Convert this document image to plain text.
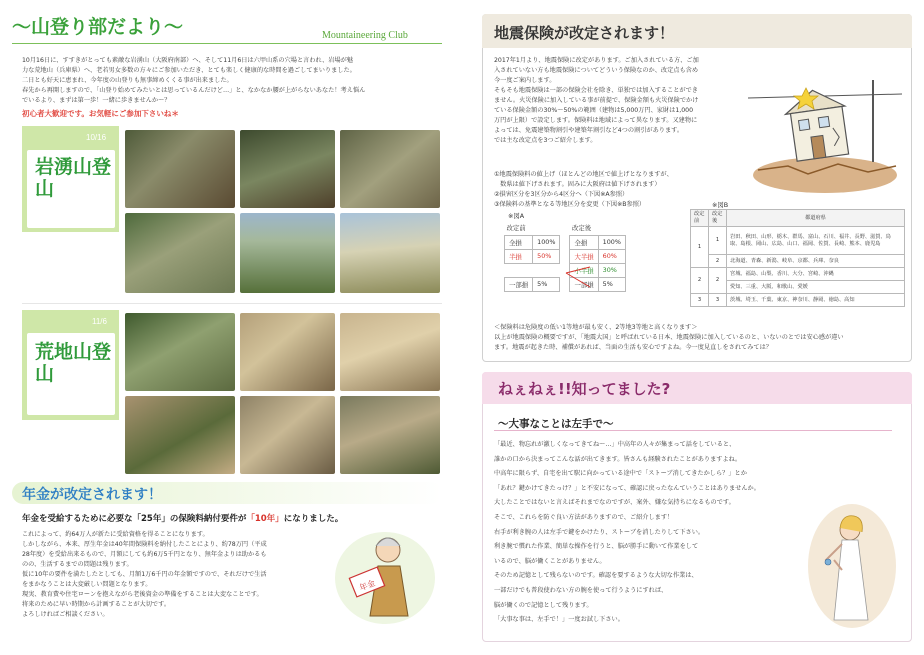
〜山登り部だより〜	Mountaineering Club
10月16日に、すすきがとっても素敵な岩湧山（大阪府南部）へ、そして11月6日は六甲山系の穴場と言われ、岩場が魅
力な荒地山（兵庫県）へ、老若男女多数の方々にご参加いただき、とても楽しく健康的な時間を過ごしてまいりました。
二日とも好天に恵まれ、今年度の山登りも無事締めくくる事が出来ました。
春先から再開しますので、「山登り始めてみたいとは思っているんだけど…」と、なかなか腰が上がらないあなた！考え悩ん
でいるより、まずは第一歩！一緒に歩きませんか〜？
初心者大歓迎です。お気軽にご参加下さいね＊
10/16
岩湧山登山
11/6
荒地山登山
年金が改定されます！
年金を受給するために必要な「25年」の保険料納付要件が「10年」になりました。
これによって、約64万人が新たに受給資格を得ることになります。
しかしながら、本来、厚生年金は40年間保険料を納付したことにより、約78万円（平成
28年度）を受給出来るもので、月額にしても約6万5千円となり、無年金よりは助かるも
のの、生活するまでの問題は残ります。
仮に10年の要件を満たしたとしても、月額1万6千円の年金額ですので、それだけで生活
をまかなうことは大変厳しい問題となります。
現実、教育費や住宅ローンを抱えながら老後資金の準備をすることは大変なことです。
将来のために早い時期から計画することが大切です。
よろしければご相談ください。
年金
地震保険が改定されます！
2017年1月より、地震保険に改定があります。ご加入されている方、ご加
入されていない方も地震保険についてどういう保険なのか、改定点も含め
今一度ご案内します。
そもそも地震保険は一部の保険会社を除き、単独では加入することができ
ません。火災保険に加入している事が前提で、保険金額も火災保険でかけ
ている保険金額の30%〜50%の範囲（建物は5,000万円、家財は1,000
万円が上限）で設定します。保険料は地域によって異なります。又建物に
よっては、免震建築物割引や建築年割引など4つの割引があります。
では主な改定点を3つご紹介します。
①地震保険料の値上げ（ほとんどの地区で値上げとなりますが、
　数県は値下げされます。固みに大阪府は値下げされます）
②損害区分を3区分から4区分へ（下図※A参照）
③保険料の基準となる等地区分を変更（下図※B参照）
※図A
改定前			改定後	
全損	100%		全損	100%
半損	50%		大半損	60%
			小半損	30%
一部損	5%		一部損	5%
※図B
改定前	改定後	都道府県
1	1	岩田、秋田、山形、栃木、群馬、富山、石川、福井、長野、滋賀、鳥取、島根、岡山、広島、山口、福岡、佐賀、長崎、熊本、鹿児島
	2	北海道、青森、新潟、岐阜、京都、兵庫、奈良
2	2	宮城、福島、山梨、香川、大分、宮崎、沖縄
		愛知、三重、大阪、和歌山、愛媛
3	3	茨城、埼玉、千葉、東京、神奈川、静岡、徳島、高知
＜保険料は危険度の低い1等地が最も安く、2等地3等地と高くなります＞
以上が地震保険の概要ですが、「地震大国」と呼ばれている日本、地震保険に加入しているのと、いないのとでは安心感が違い
ます。地震が起きた時、補償があれば、当面の生活も安心ですよね。今一度見直しをされてみては？
ねぇねぇ!!知ってました?
〜大事なことは左手で〜
「最近、物忘れが激しくなってきてね〜…」中高年の人々が集まって話をしていると、
誰かの口から決まってこんな話が出てきます。皆さんも経験されたことがありますよね。
中高年に限らず、自宅を出て駅に向かっている途中で「ストーブ消してきたかしら？」とか
「あれ？鍵かけてきたっけ？」と不安になって、確認に戻ったなんていうことはありませんか。
大したことではないと言えばそれまでなのですが、案外、嫌な気持ちになるものです。
そこで、これらを防ぐ良い方法がありますので、ご紹介します！
右手が利き腕の人は左手で鍵をかけたり、ストーブを消したりして下さい。
利き腕で慣れた作業、簡単な操作を行うと、脳が勝手に動いて作業をして
いるので、脳が働くことがありません。
そのため記憶として残らないのです。確認を要するような大切な作業は、
一部だけでも普段使わない方の腕を使って行うようにすれば、
脳が働くので記憶として残ります。
「大事な事は、左手で！」一度お試し下さい。
